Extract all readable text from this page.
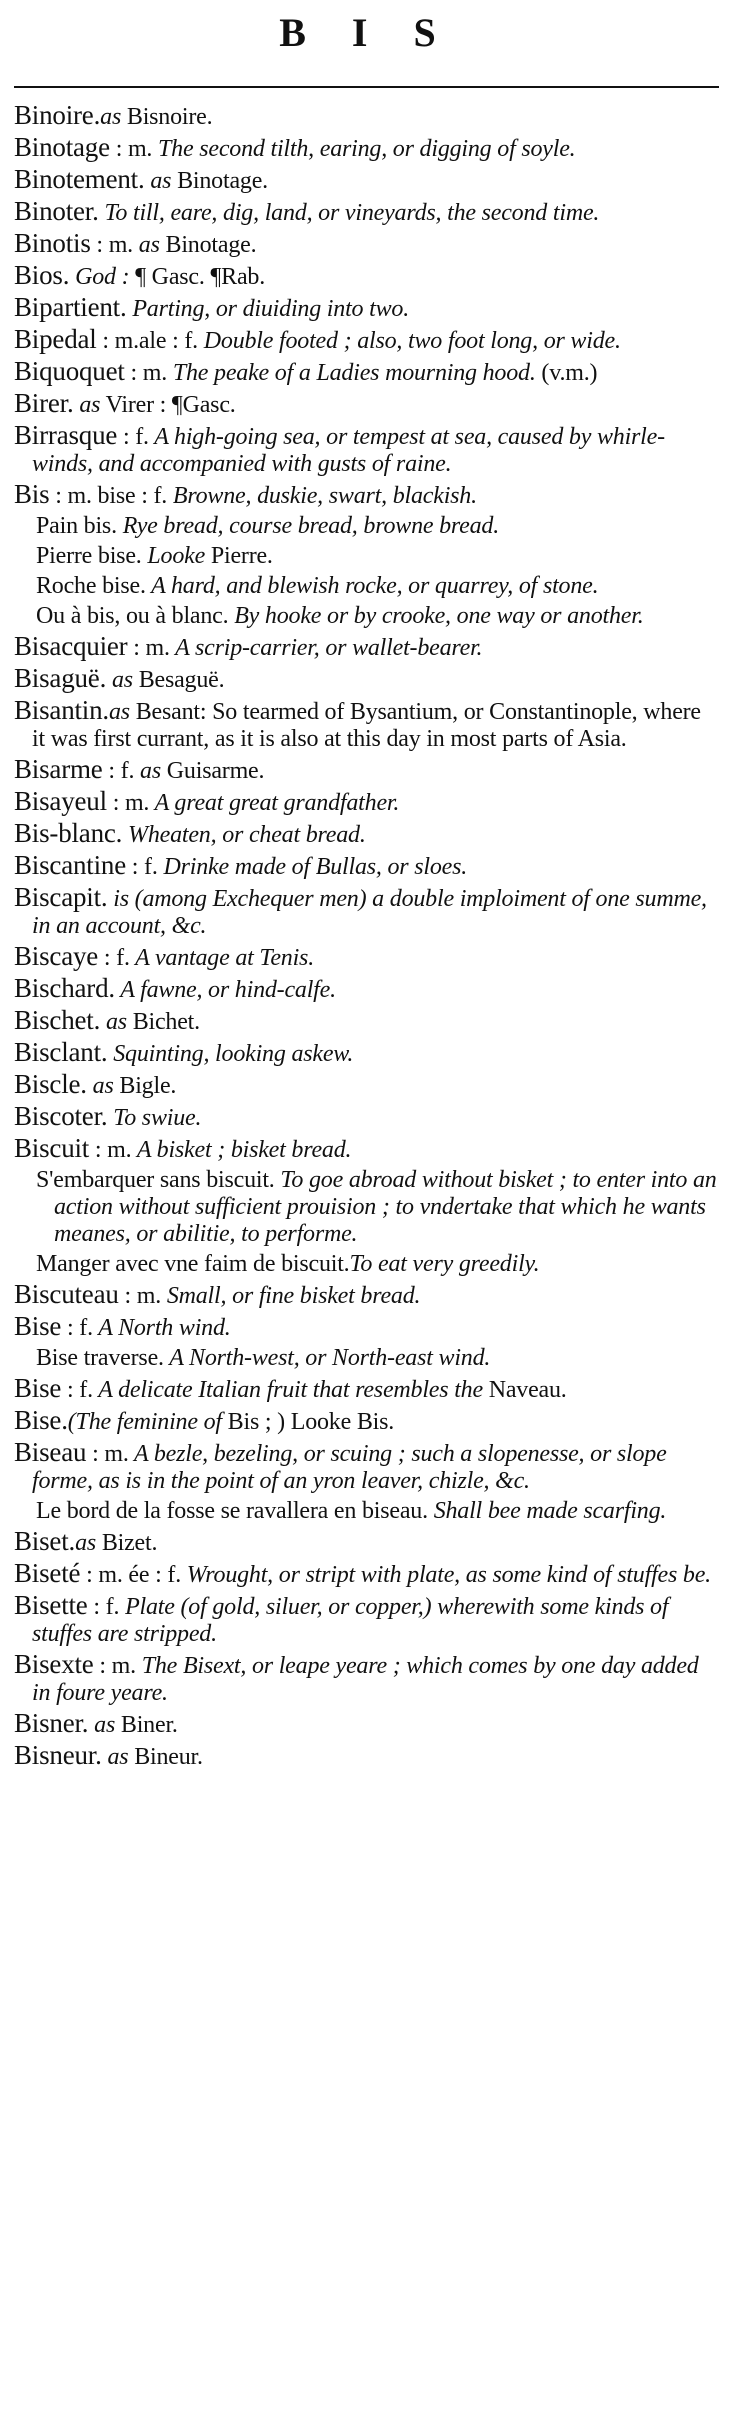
B I S
Binoire.as Bisnoire.
Binotage : m. The second tilth, earing, or digging of soyle.
Binotement. as Binotage.
Binoter. To till, eare, dig, land, or vineyards, the second time.
Binotis : m. as Binotage.
Bios. God : ¶ Gasc. ¶Rab.
Bipartient. Parting, or diuiding into two.
Bipedal : m.ale : f. Double footed ; also, two foot long, or wide.
Biquoquet : m. The peake of a Ladies mourning hood. (v.m.)
Birer. as Virer : ¶Gasc.
Birrasque : f. A high-going sea, or tempest at sea, caused by whirle-winds, and accompanied with gusts of raine.
Bis : m. bise : f. Browne, duskie, swart, blackish.
Pain bis. Rye bread, course bread, browne bread.
Pierre bise. Looke Pierre.
Roche bise. A hard, and blewish rocke, or quarrey, of stone.
Ou à bis, ou à blanc. By hooke or by crooke, one way or another.
Bisacquier : m. A scrip-carrier, or wallet-bearer.
Bisaguë. as Besaguë.
Bisantin.as Besant: So tearmed of Bysantium, or Constantinople, where it was first currant, as it is also at this day in most parts of Asia.
Bisarme : f. as Guisarme.
Bisayeul : m. A great great grandfather.
Bis-blanc. Wheaten, or cheat bread.
Biscantine : f. Drinke made of Bullas, or sloes.
Biscapit. is (among Exchequer men) a double imploiment of one summe, in an account, &c.
Biscaye : f. A vantage at Tenis.
Bischard. A fawne, or hind-calfe.
Bischet. as Bichet.
Bisclant. Squinting, looking askew.
Biscle. as Bigle.
Biscoter. To swiue.
Biscuit : m. A bisket ; bisket bread.
S'embarquer sans biscuit. To goe abroad without bisket ; to enter into an action without sufficient prouision ; to vndertake that which he wants meanes, or abilitie, to performe.
Manger avec vne faim de biscuit.To eat very greedily.
Biscuteau : m. Small, or fine bisket bread.
Bise : f. A North wind.
Bise traverse. A North-west, or North-east wind.
Bise : f. A delicate Italian fruit that resembles the Naveau.
Bise.(The feminine of Bis ; ) Looke Bis.
Biseau : m. A bezle, bezeling, or scuing ; such a slopenesse, or slope forme, as is in the point of an yron leaver, chizle, &c.
Le bord de la fosse se ravallera en biseau. Shall bee made scarfing.
Biset.as Bizet.
Biseté : m. ée : f. Wrought, or stript with plate, as some kind of stuffes be.
Bisette : f. Plate (of gold, siluer, or copper,) wherewith some kinds of stuffes are stripped.
Bisexte : m. The Bisext, or leape yeare ; which comes by one day added in foure yeare.
Bisner. as Biner.
Bisneur. as Bineur.
